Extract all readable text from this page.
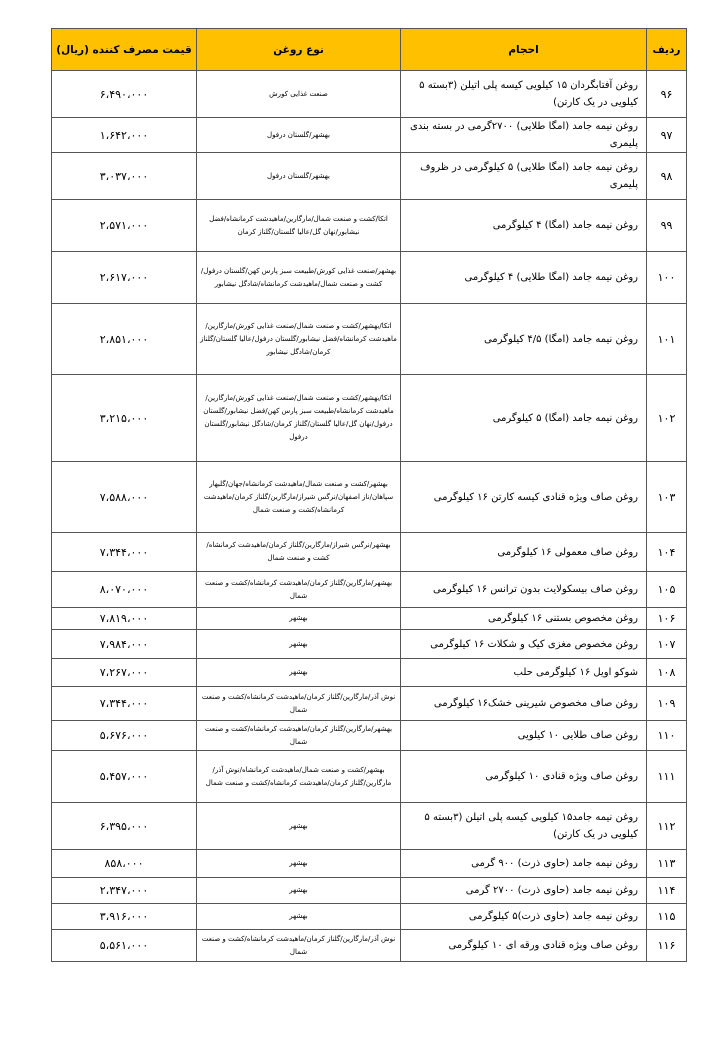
ردیف	احجام	نوع روغن	قیمت مصرف کننده (ریال)
۹۶	روغن آفتابگردان ۱۵ کیلویی کیسه پلی اتیلن (۳بسته ۵ کیلویی در یک کارتن)	صنعت غذایی کورش	۶،۴۹۰،۰۰۰
۹۷	روغن نیمه جامد (امگا طلایی) ۲۷۰۰گرمی در بسته بندی پلیمری	بهشهر/گلستان درفول	۱،۶۴۲،۰۰۰
۹۸	روغن نیمه جامد (امگا طلایی) ۵ کیلوگرمی در ظروف پلیمری	بهشهر/گلستان درفول	۳،۰۳۷،۰۰۰
۹۹	روغن نیمه جامد (امگا) ۴ کیلوگرمی	اتکا/کشت و صنعت شمال/مارگارین/ماهیدشت کرمانشاه/فضل نیشابور/نهان گل/عالیا گلستان/گلناز کرمان	۲،۵۷۱،۰۰۰
۱۰۰	روغن نیمه جامد (امگا طلایی) ۴ کیلوگرمی	بهشهر/صنعت غذایی کورش/طبیعت سبز پارس کهن/گلستان درفول/کشت و صنعت شمال/ماهیدشت کرمانشاه/شادگل نیشابور	۲،۶۱۷،۰۰۰
۱۰۱	روغن نیمه جامد (امگا) ۴/۵ کیلوگرمی	اتکا/بهشهر/کشت و صنعت شمال/صنعت غذایی کورش/مارگارین/ماهیدشت کرمانشاه/فضل نیشابور/گلستان درفول/عالیا گلستان/گلناز کرمان/شادگل نیشابور	۲،۸۵۱،۰۰۰
۱۰۲	روغن نیمه جامد (امگا) ۵ کیلوگرمی	اتکا/بهشهر/کشت و صنعت شمال/صنعت غذایی کورش/مارگارین/ماهیدشت کرمانشاه/طبیعت سبز پارس کهن/فضل نیشابور/گلستان درفول/نهان گل/عالیا گلستان/گلناز کرمان/شادگل نیشابور/گلستان درفول	۳،۲۱۵،۰۰۰
۱۰۳	روغن صاف ویژه قنادی کیسه کارتن ۱۶ کیلوگرمی	بهشهر/کشت و صنعت شمال/ماهیدشت کرمانشاه/جهان/گلبهار سپاهان/ناز اصفهان/نرگس شیراز/مارگارین/گلناز کرمان/ماهیدشت کرمانشاه/کشت و صنعت شمال	۷،۵۸۸،۰۰۰
۱۰۴	روغن صاف معمولی ۱۶ کیلوگرمی	بهشهر/نرگس شیراز/مارگارین/گلناز کرمان/ماهیدشت کرمانشاه/کشت و صنعت شمال	۷،۳۴۴،۰۰۰
۱۰۵	روغن صاف بیسکولایت بدون ترانس ۱۶ کیلوگرمی	بهشهر/مارگارین/گلناز کرمان/ماهیدشت کرمانشاه/کشت و صنعت شمال	۸،۰۷۰،۰۰۰
۱۰۶	روغن مخصوص بستنی ۱۶ کیلوگرمی	بهشهر	۷،۸۱۹،۰۰۰
۱۰۷	روغن مخصوص مغزی کیک و شکلات ۱۶ کیلوگرمی	بهشهر	۷،۹۸۴،۰۰۰
۱۰۸	شوکو اویل ۱۶ کیلوگرمی حلب	بهشهر	۷،۲۶۷،۰۰۰
۱۰۹	روغن صاف مخصوص شیرینی خشک۱۶ کیلوگرمی	نوش آذر/مارگارین/گلناز کرمان/ماهیدشت کرمانشاه/کشت و صنعت شمال	۷،۳۴۴،۰۰۰
۱۱۰	روغن صاف طلایی ۱۰ کیلویی	بهشهر/مارگارین/گلناز کرمان/ماهیدشت کرمانشاه/کشت و صنعت شمال	۵،۶۷۶،۰۰۰
۱۱۱	روغن صاف ویژه قنادی ۱۰ کیلوگرمی	بهشهر/کشت و صنعت شمال/ماهیدشت کرمانشاه/نوش آذر/مارگارین/گلناز کرمان/ماهیدشت کرمانشاه/کشت و صنعت شمال	۵،۴۵۷،۰۰۰
۱۱۲	روغن نیمه جامد۱۵ کیلویی کیسه پلی اتیلن (۳بسته ۵ کیلویی در یک کارتن)	بهشهر	۶،۳۹۵،۰۰۰
۱۱۳	روغن نیمه جامد (حاوی ذرت) ۹۰۰ گرمی	بهشهر	۸۵۸،۰۰۰
۱۱۴	روغن نیمه جامد (حاوی ذرت) ۲۷۰۰ گرمی	بهشهر	۲،۳۴۷،۰۰۰
۱۱۵	روغن نیمه جامد (حاوی ذرت)۵ کیلوگرمی	بهشهر	۳،۹۱۶،۰۰۰
۱۱۶	روغن صاف ویژه قنادی ورقه ای ۱۰ کیلوگرمی	نوش آذر/مارگارین/گلناز کرمان/ماهیدشت کرمانشاه/کشت و صنعت شمال	۵،۵۶۱،۰۰۰
